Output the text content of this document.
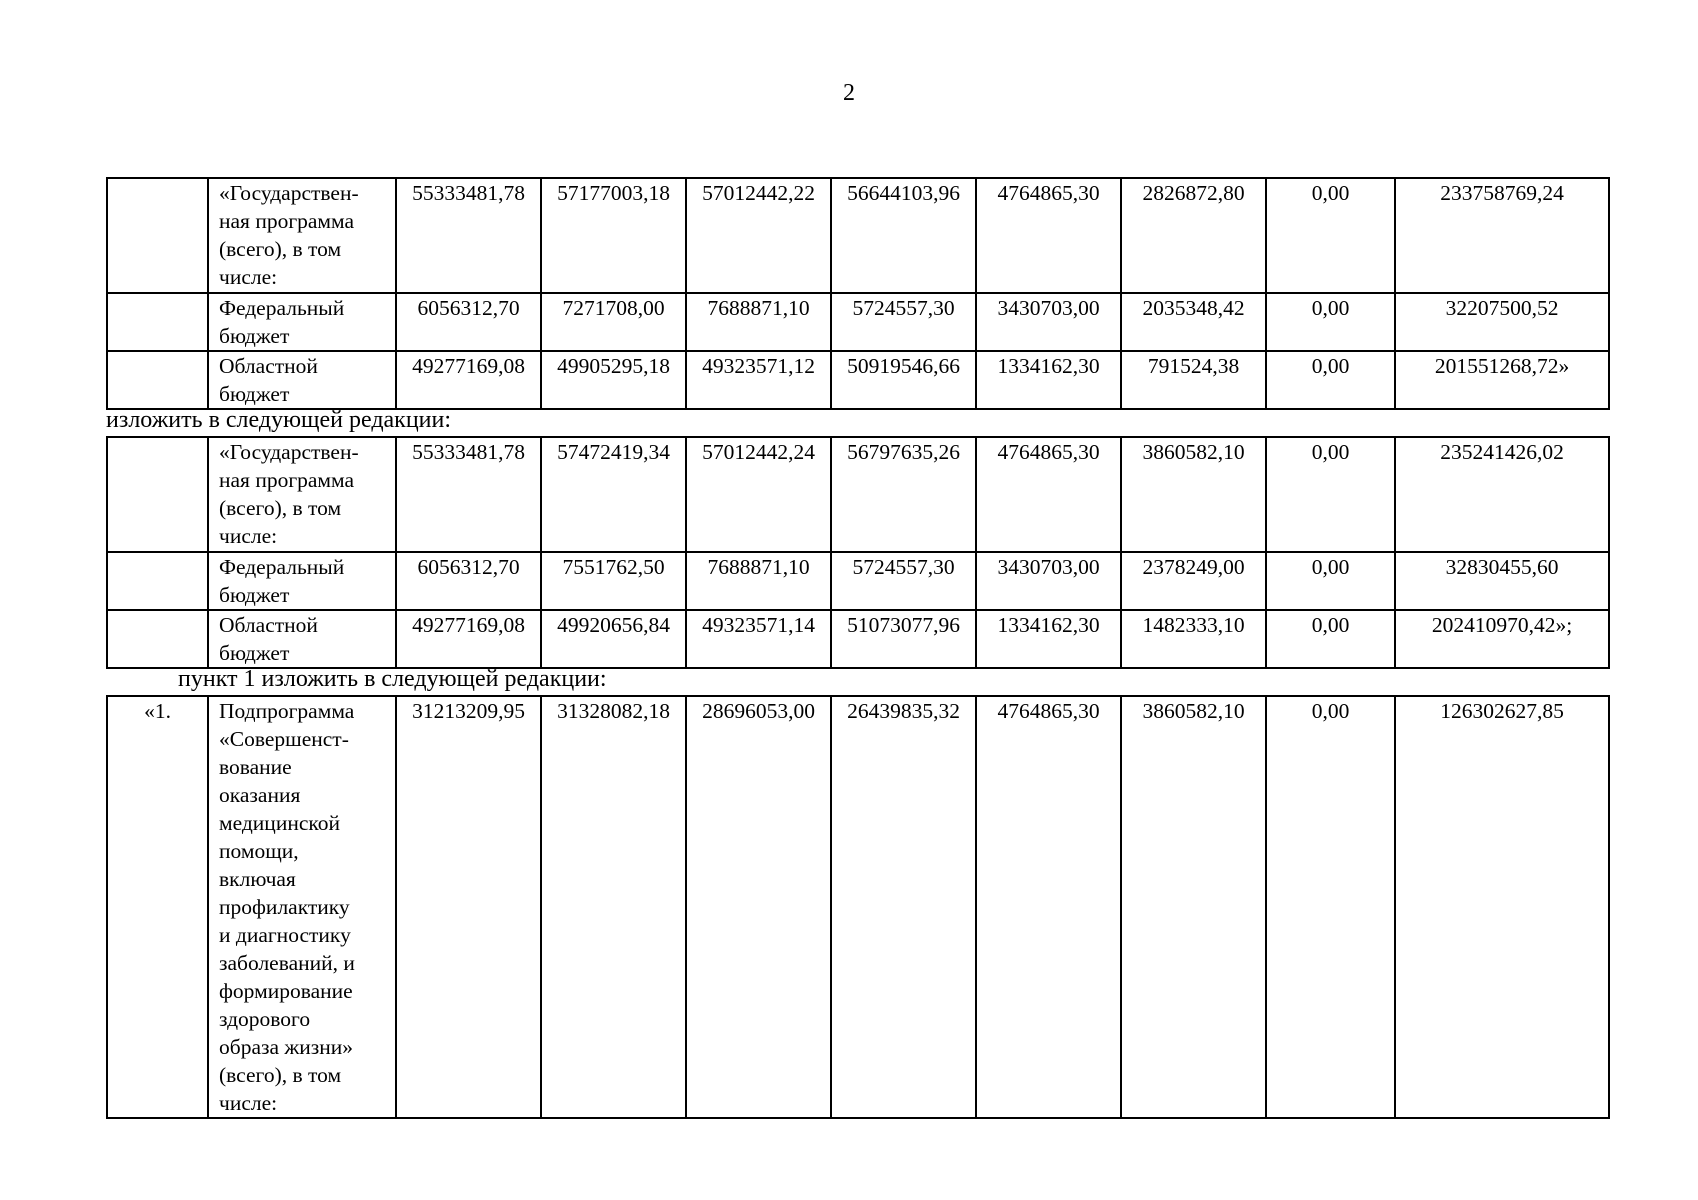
2
	«Государствен-
ная программа
(всего), в том
числе:	55333481,78	57177003,18	57012442,22	56644103,96	4764865,30	2826872,80	0,00	233758769,24
	Федеральный
бюджет	6056312,70	7271708,00	7688871,10	5724557,30	3430703,00	2035348,42	0,00	32207500,52
	Областной
бюджет	49277169,08	49905295,18	49323571,12	50919546,66	1334162,30	791524,38	0,00	201551268,72»
изложить в следующей редакции:
	«Государствен-
ная программа
(всего), в том
числе:	55333481,78	57472419,34	57012442,24	56797635,26	4764865,30	3860582,10	0,00	235241426,02
	Федеральный
бюджет	6056312,70	7551762,50	7688871,10	5724557,30	3430703,00	2378249,00	0,00	32830455,60
	Областной
бюджет	49277169,08	49920656,84	49323571,14	51073077,96	1334162,30	1482333,10	0,00	202410970,42»;
пункт 1 изложить в следующей редакции:
«1.	Подпрограмма
«Совершенст-
вование
оказания
медицинской
помощи,
включая
профилактику
и диагностику
заболеваний, и
формирование
здорового
образа жизни»
(всего), в том
числе:	31213209,95	31328082,18	28696053,00	26439835,32	4764865,30	3860582,10	0,00	126302627,85
